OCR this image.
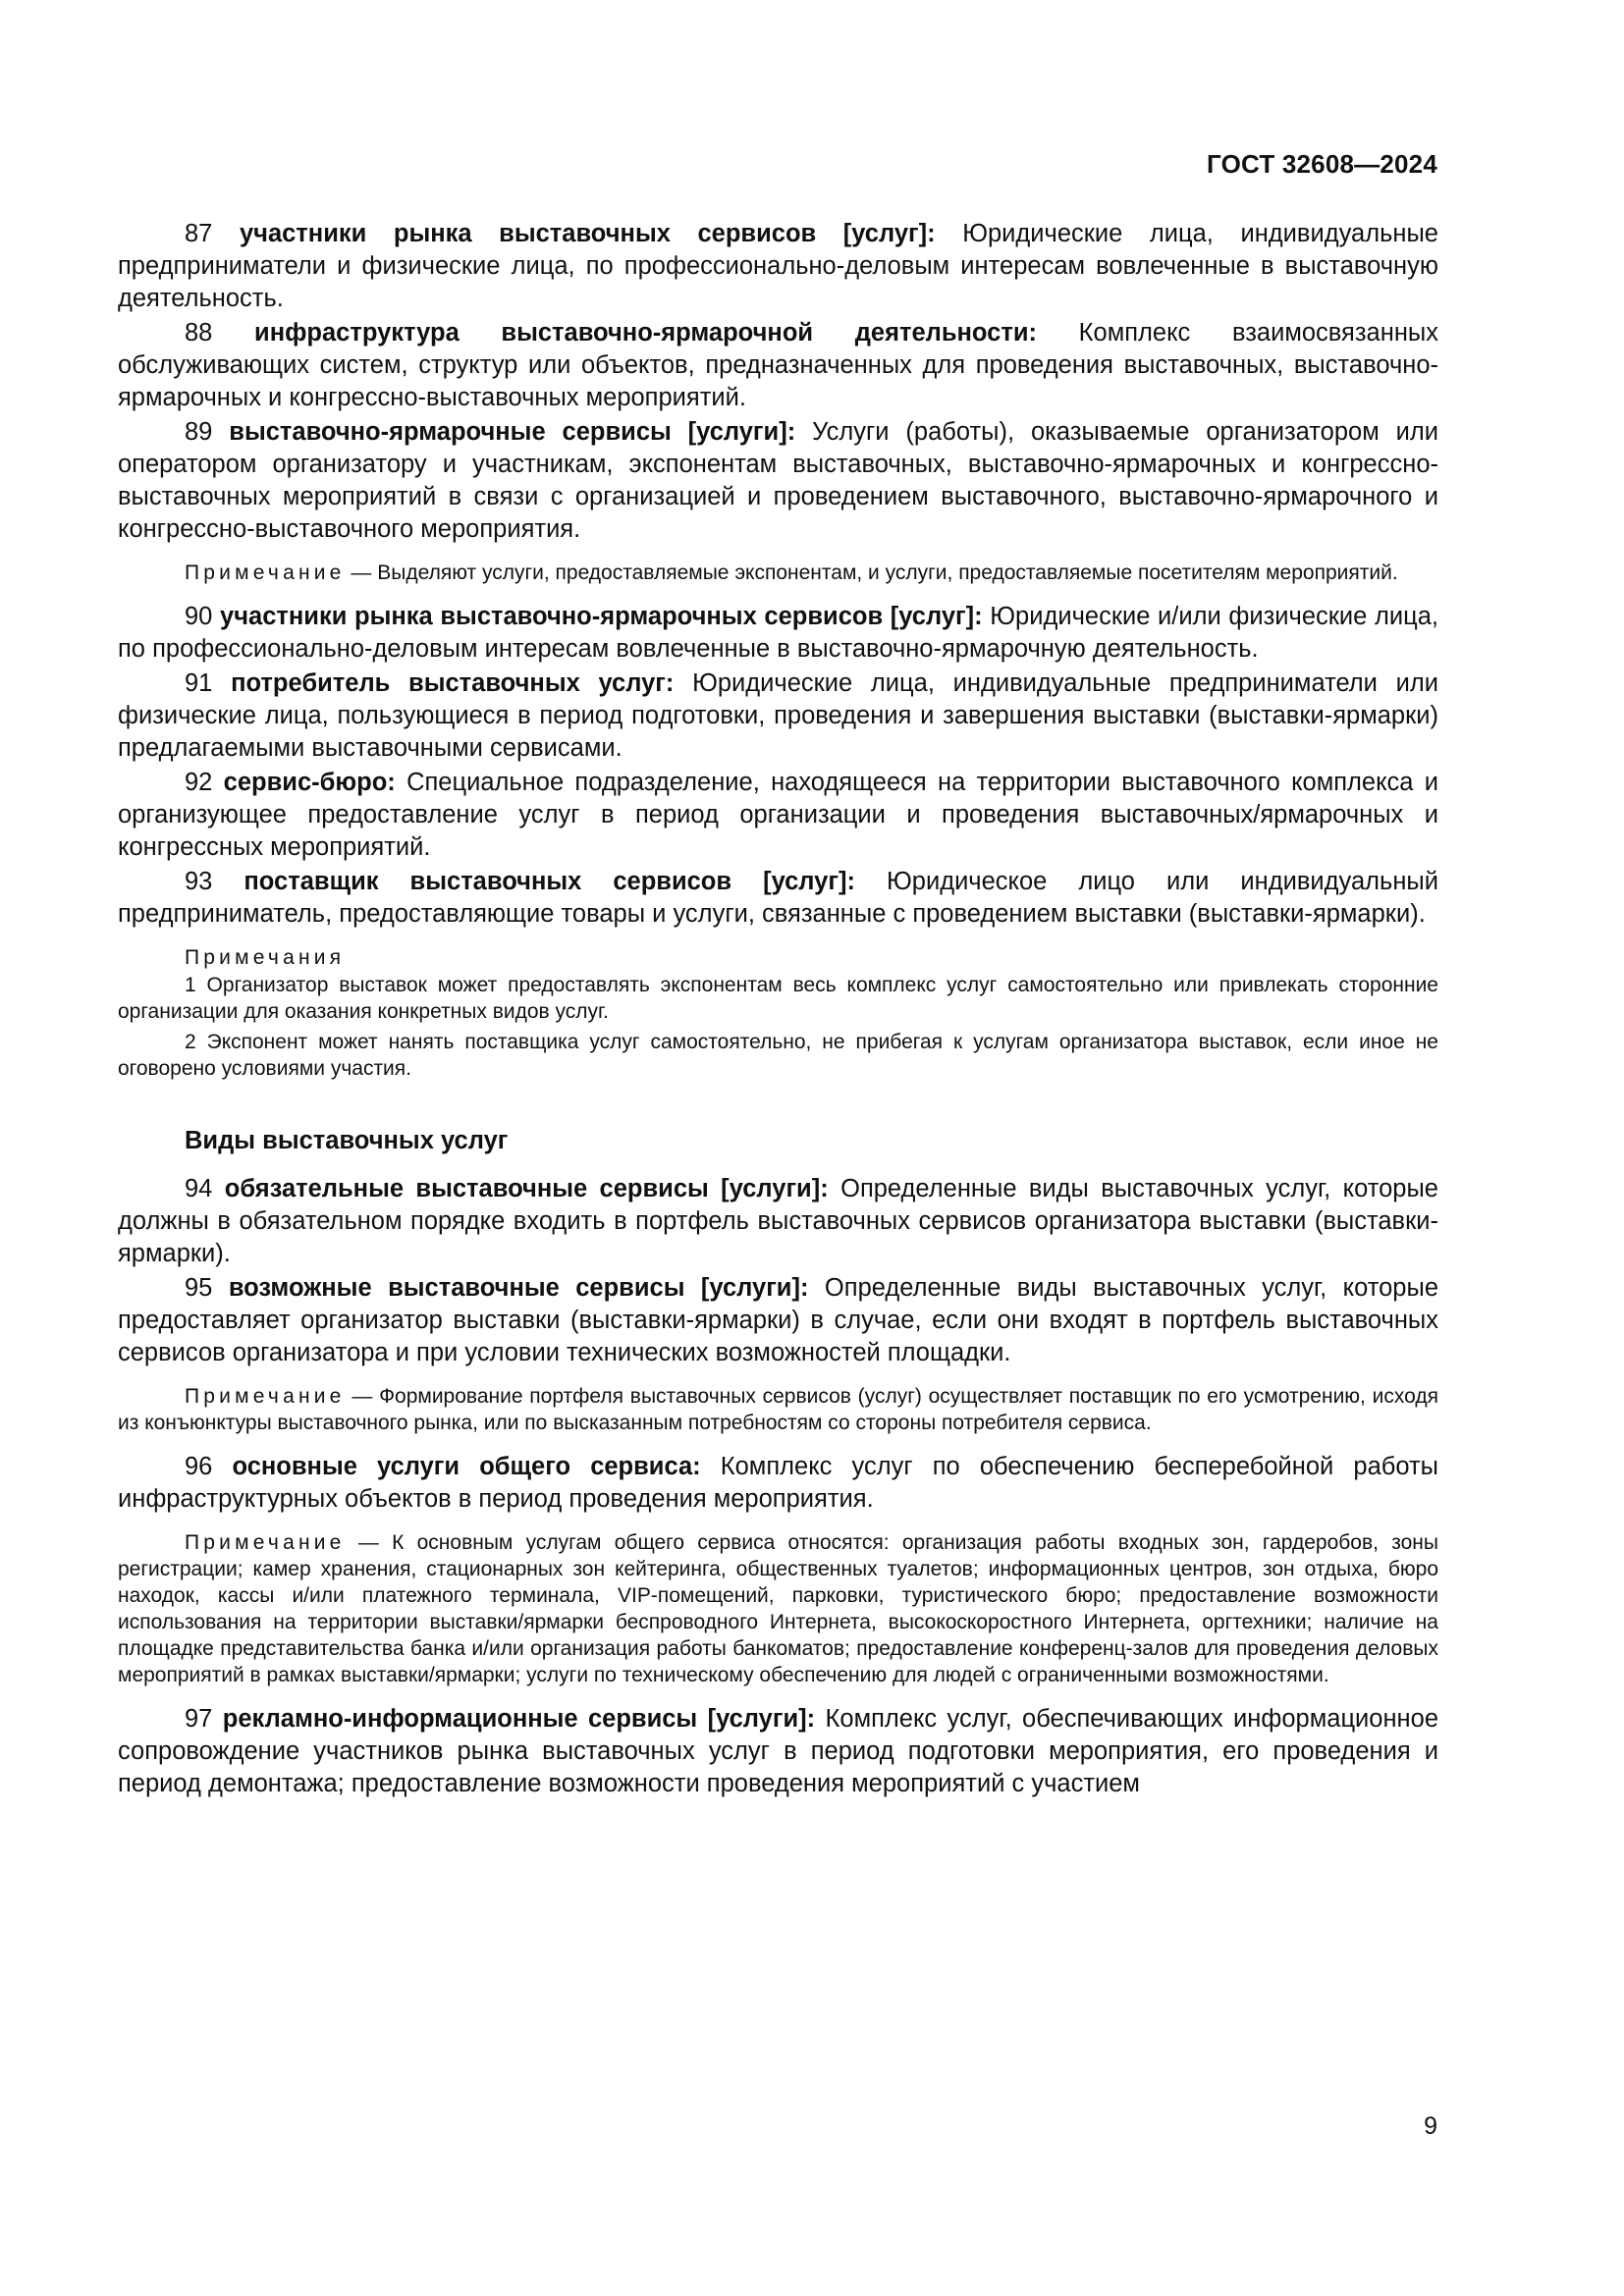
ГОСТ 32608—2024

87 участники рынка выставочных сервисов [услуг]: Юридические лица, индивидуальные предприниматели и физические лица, по профессионально-деловым интересам вовлеченные в выставочную деятельность.

88 инфраструктура выставочно-ярмарочной деятельности: Комплекс взаимосвязанных обслуживающих систем, структур или объектов, предназначенных для проведения выставочных, выставочно-ярмарочных и конгрессно-выставочных мероприятий.

89 выставочно-ярмарочные сервисы [услуги]: Услуги (работы), оказываемые организатором или оператором организатору и участникам, экспонентам выставочных, выставочно-ярмарочных и конгрессно-выставочных мероприятий в связи с организацией и проведением выставочного, выставочно-ярмарочного и конгрессно-выставочного мероприятия.

Примечание — Выделяют услуги, предоставляемые экспонентам, и услуги, предоставляемые посетителям мероприятий.

90 участники рынка выставочно-ярмарочных сервисов [услуг]: Юридические и/или физические лица, по профессионально-деловым интересам вовлеченные в выставочно-ярмарочную деятельность.

91 потребитель выставочных услуг: Юридические лица, индивидуальные предприниматели или физические лица, пользующиеся в период подготовки, проведения и завершения выставки (выставки-ярмарки) предлагаемыми выставочными сервисами.

92 сервис-бюро: Специальное подразделение, находящееся на территории выставочного комплекса и организующее предоставление услуг в период организации и проведения выставочных/ярмарочных и конгрессных мероприятий.

93 поставщик выставочных сервисов [услуг]: Юридическое лицо или индивидуальный предприниматель, предоставляющие товары и услуги, связанные с проведением выставки (выставки-ярмарки).

Примечания

1 Организатор выставок может предоставлять экспонентам весь комплекс услуг самостоятельно или привлекать сторонние организации для оказания конкретных видов услуг.

2 Экспонент может нанять поставщика услуг самостоятельно, не прибегая к услугам организатора выставок, если иное не оговорено условиями участия.

Виды выставочных услуг

94 обязательные выставочные сервисы [услуги]: Определенные виды выставочных услуг, которые должны в обязательном порядке входить в портфель выставочных сервисов организатора выставки (выставки-ярмарки).

95 возможные выставочные сервисы [услуги]: Определенные виды выставочных услуг, которые предоставляет организатор выставки (выставки-ярмарки) в случае, если они входят в портфель выставочных сервисов организатора и при условии технических возможностей площадки.

Примечание — Формирование портфеля выставочных сервисов (услуг) осуществляет поставщик по его усмотрению, исходя из конъюнктуры выставочного рынка, или по высказанным потребностям со стороны потребителя сервиса.

96 основные услуги общего сервиса: Комплекс услуг по обеспечению бесперебойной работы инфраструктурных объектов в период проведения мероприятия.

Примечание — К основным услугам общего сервиса относятся: организация работы входных зон, гардеробов, зоны регистрации; камер хранения, стационарных зон кейтеринга, общественных туалетов; информационных центров, зон отдыха, бюро находок, кассы и/или платежного терминала, VIP-помещений, парковки, туристического бюро; предоставление возможности использования на территории выставки/ярмарки беспроводного Интернета, высокоскоростного Интернета, оргтехники; наличие на площадке представительства банка и/или организация работы банкоматов; предоставление конференц-залов для проведения деловых мероприятий в рамках выставки/ярмарки; услуги по техническому обеспечению для людей с ограниченными возможностями.

97 рекламно-информационные сервисы [услуги]: Комплекс услуг, обеспечивающих информационное сопровождение участников рынка выставочных услуг в период подготовки мероприятия, его проведения и период демонтажа; предоставление возможности проведения мероприятий с участием

9
